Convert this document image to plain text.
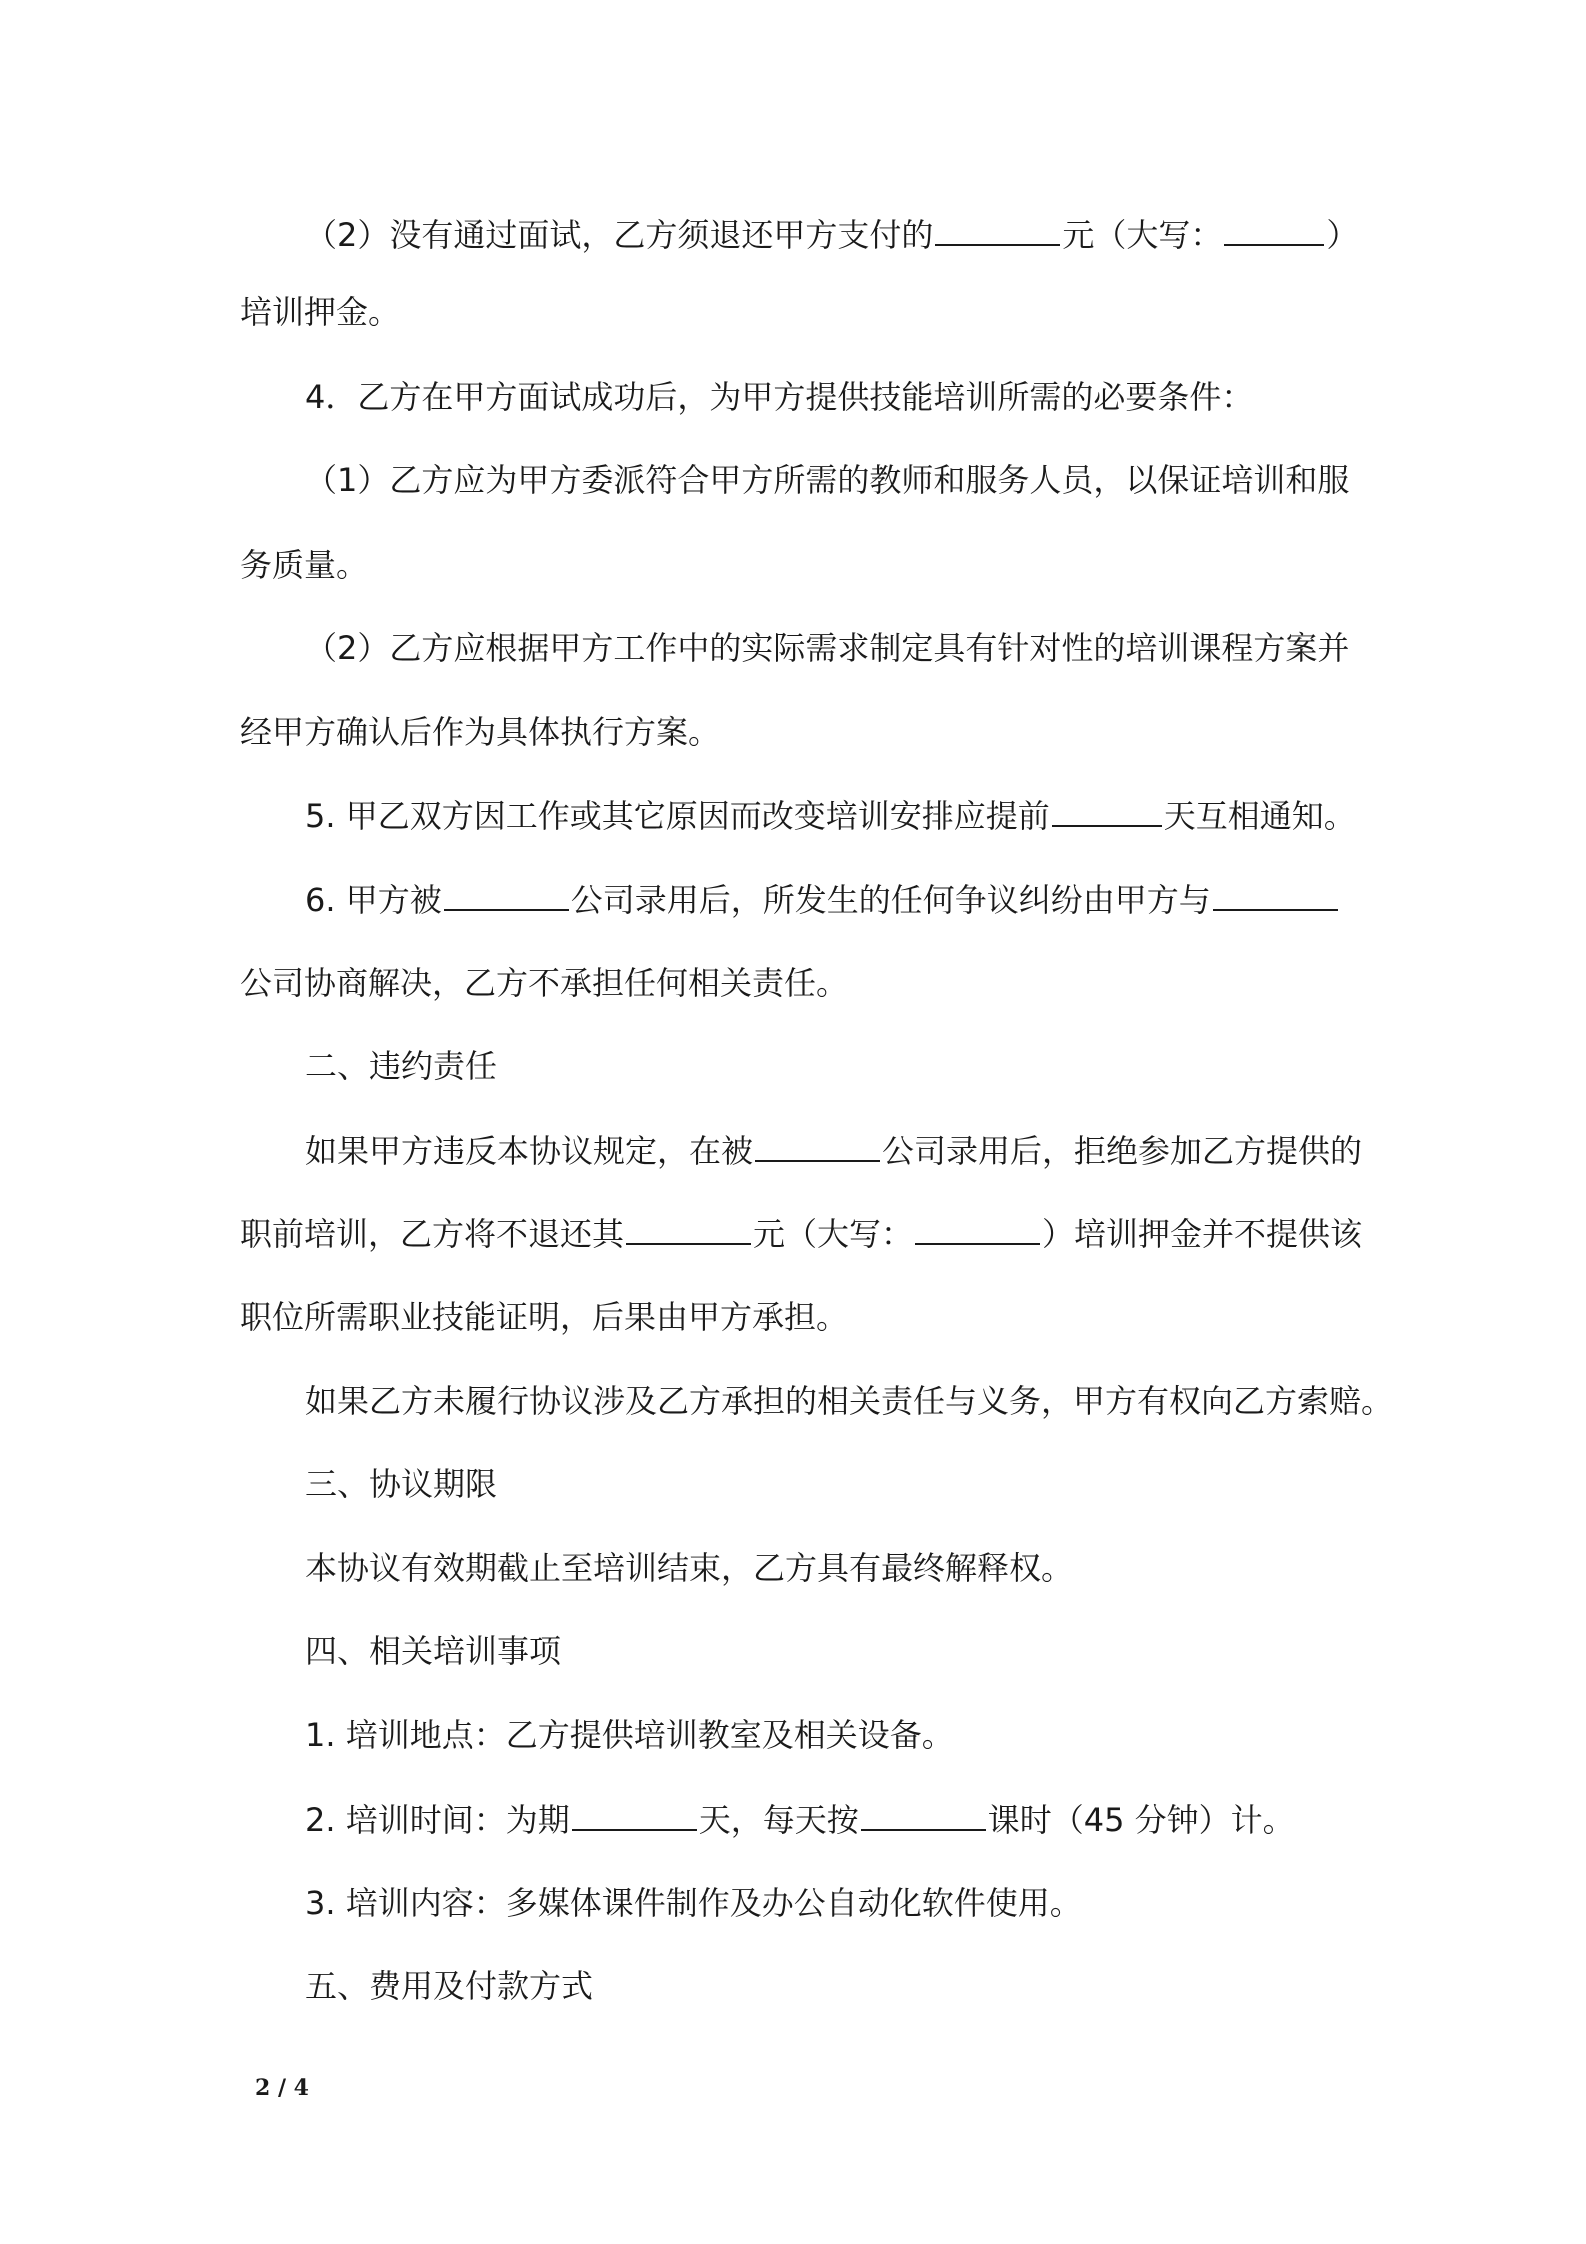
（2）没有通过面试，乙方须退还甲方支付的	元（大写：	）
培训押金。
4．乙方在甲方面试成功后，为甲方提供技能培训所需的必要条件：
（1）乙方应为甲方委派符合甲方所需的教师和服务人员，以保证培训和服
务质量。
（2）乙方应根据甲方工作中的实际需求制定具有针对性的培训课程方案并
经甲方确认后作为具体执行方案。
5. 甲乙双方因工作或其它原因而改变培训安排应提前	天互相通知。
6. 甲方被	公司录用后，所发生的任何争议纠纷由甲方与
公司协商解决，乙方不承担任何相关责任。
二、违约责任
如果甲方违反本协议规定，在被	公司录用后，拒绝参加乙方提供的
职前培训，乙方将不退还其	元（大写：	）培训押金并不提供该
职位所需职业技能证明，后果由甲方承担。
如果乙方未履行协议涉及乙方承担的相关责任与义务，甲方有权向乙方索赔。
三、协议期限
本协议有效期截止至培训结束，乙方具有最终解释权。
四、相关培训事项
1. 培训地点：乙方提供培训教室及相关设备。
2. 培训时间：为期	天，每天按	课时（45 分钟）计。
3. 培训内容：多媒体课件制作及办公自动化软件使用。
五、费用及付款方式
2 / 4
